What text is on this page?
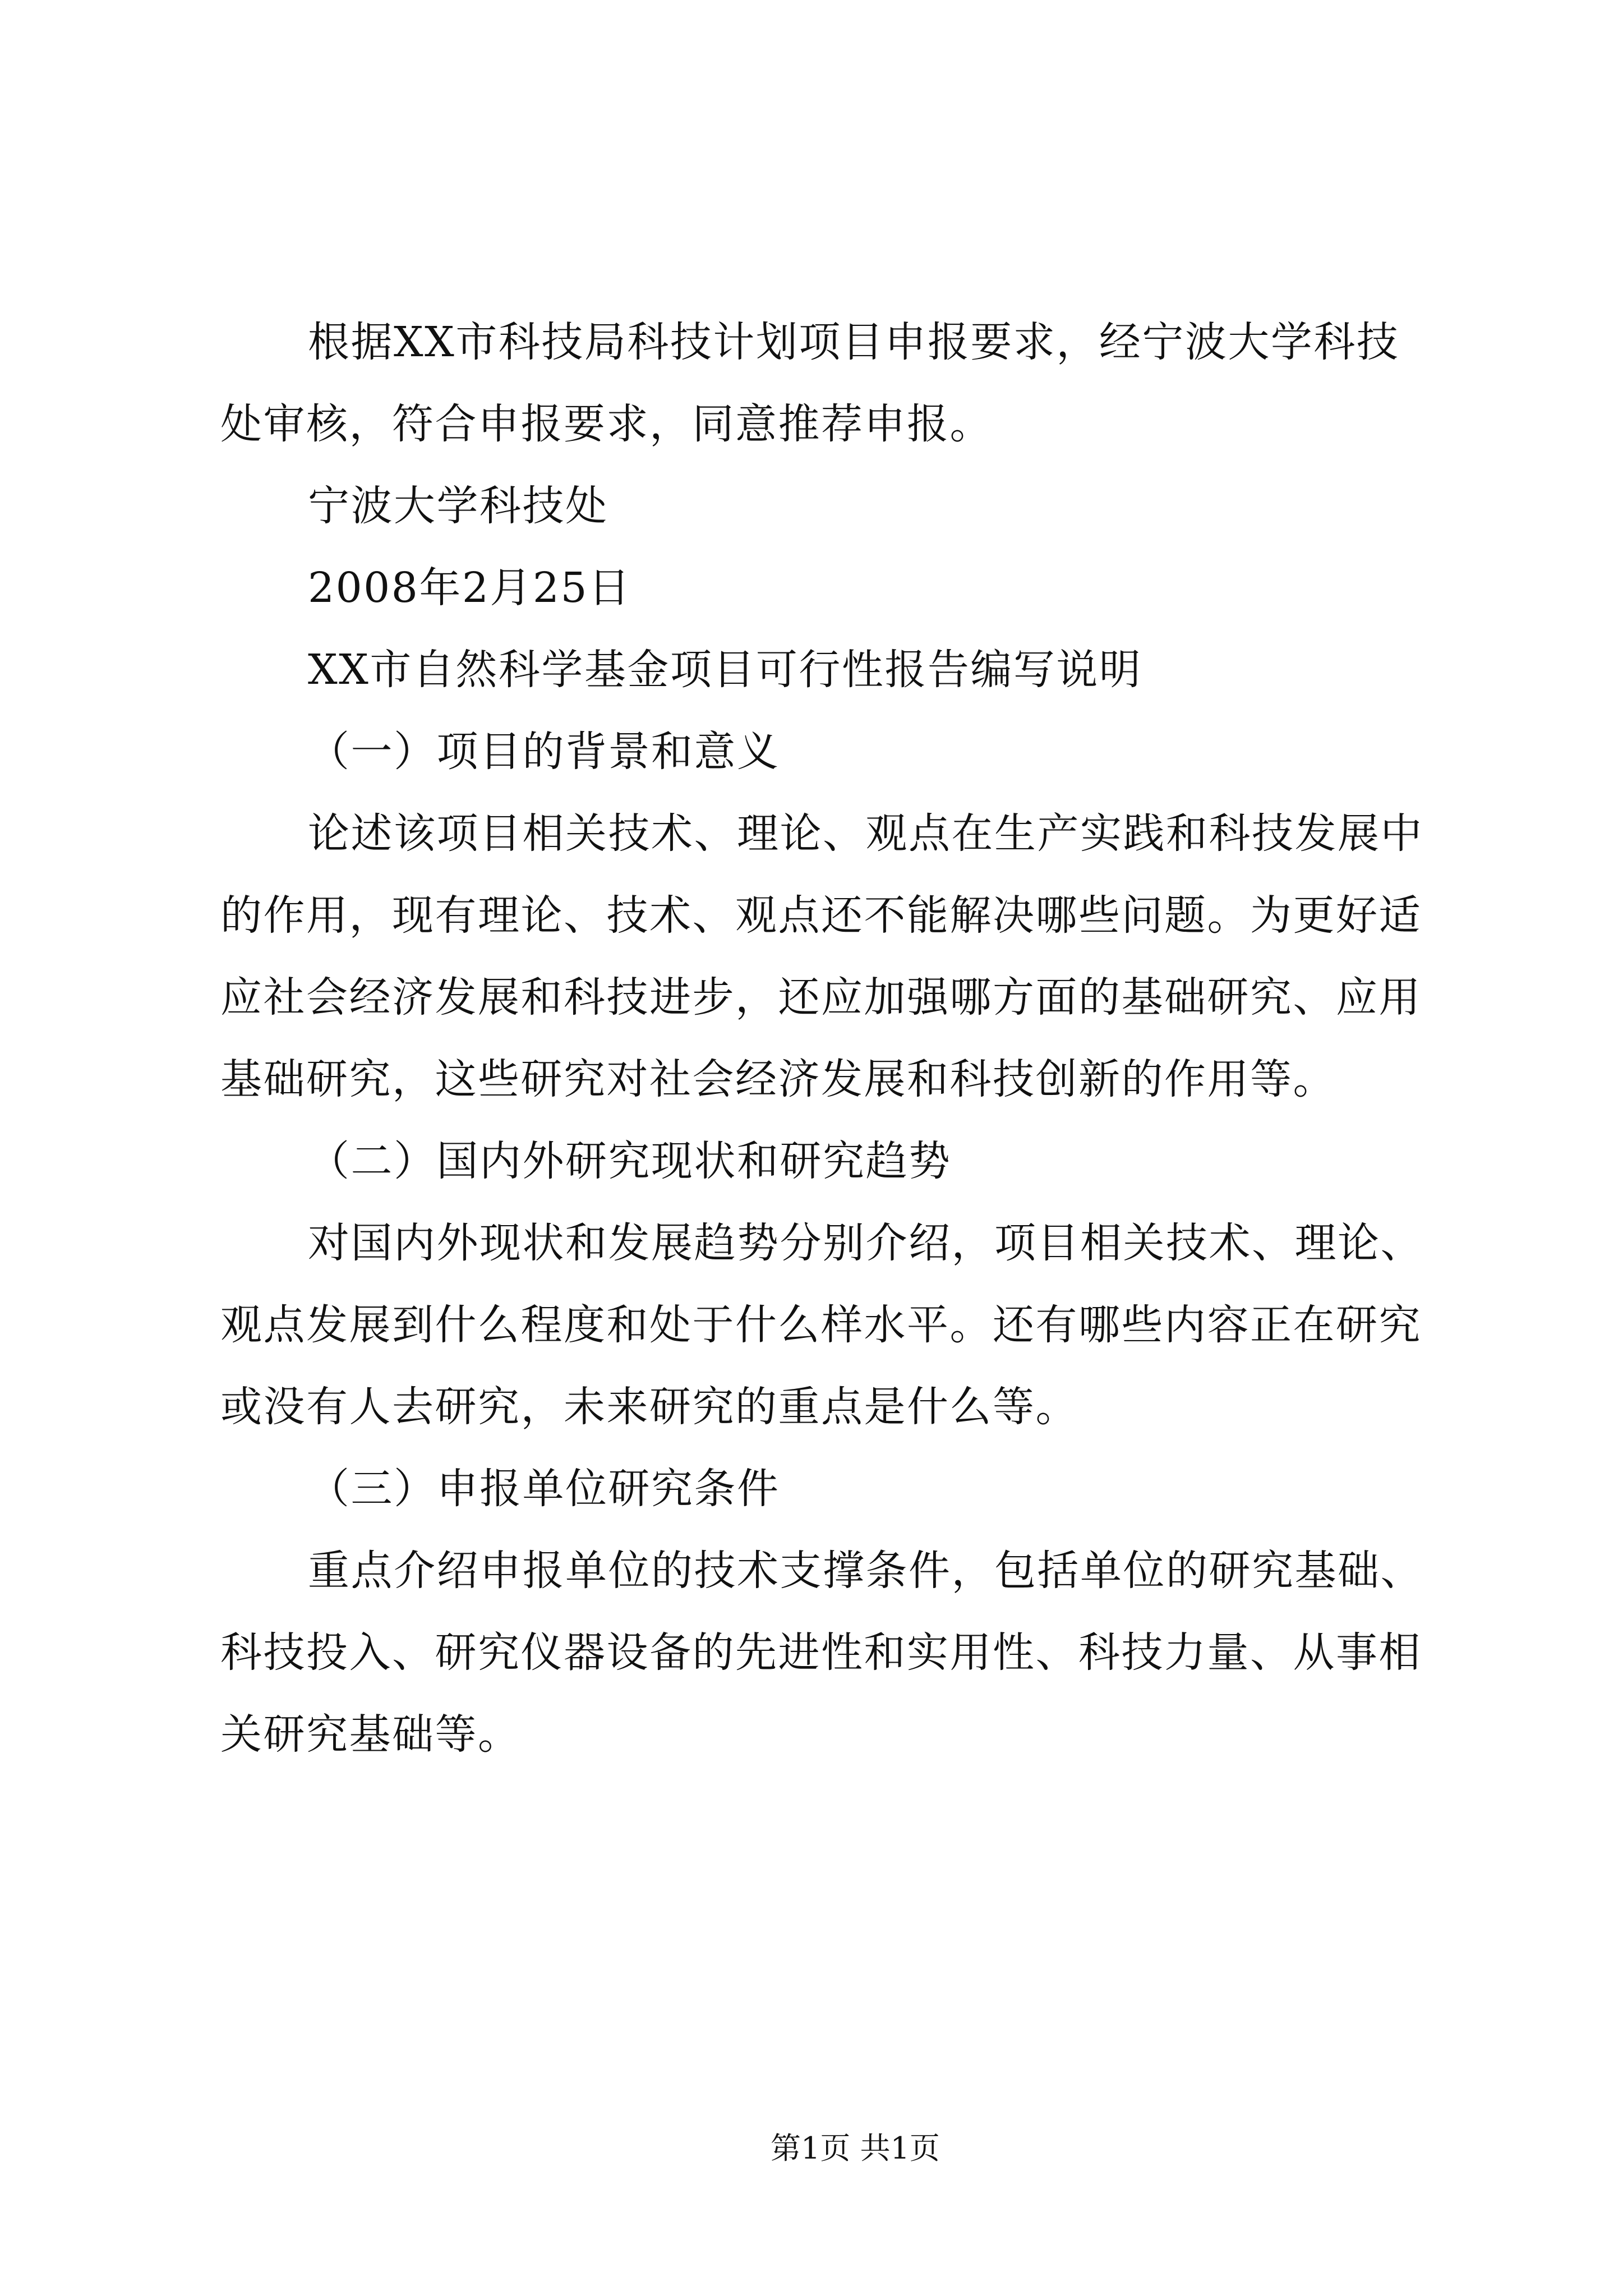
根据XX市科技局科技计划项目申报要求，经宁波大学科技
处审核，符合申报要求，同意推荐申报。
宁波大学科技处
2008年2月25日
XX市自然科学基金项目可行性报告编写说明
（一）项目的背景和意义
论述该项目相关技术、理论、观点在生产实践和科技发展中
的作用，现有理论、技术、观点还不能解决哪些问题。为更好适
应社会经济发展和科技进步，还应加强哪方面的基础研究、应用
基础研究，这些研究对社会经济发展和科技创新的作用等。
（二）国内外研究现状和研究趋势
对国内外现状和发展趋势分别介绍，项目相关技术、理论、
观点发展到什么程度和处于什么样水平。还有哪些内容正在研究
或没有人去研究，未来研究的重点是什么等。
（三）申报单位研究条件
重点介绍申报单位的技术支撑条件，包括单位的研究基础、
科技投入、研究仪器设备的先进性和实用性、科技力量、从事相
关研究基础等。
第1页 共1页
